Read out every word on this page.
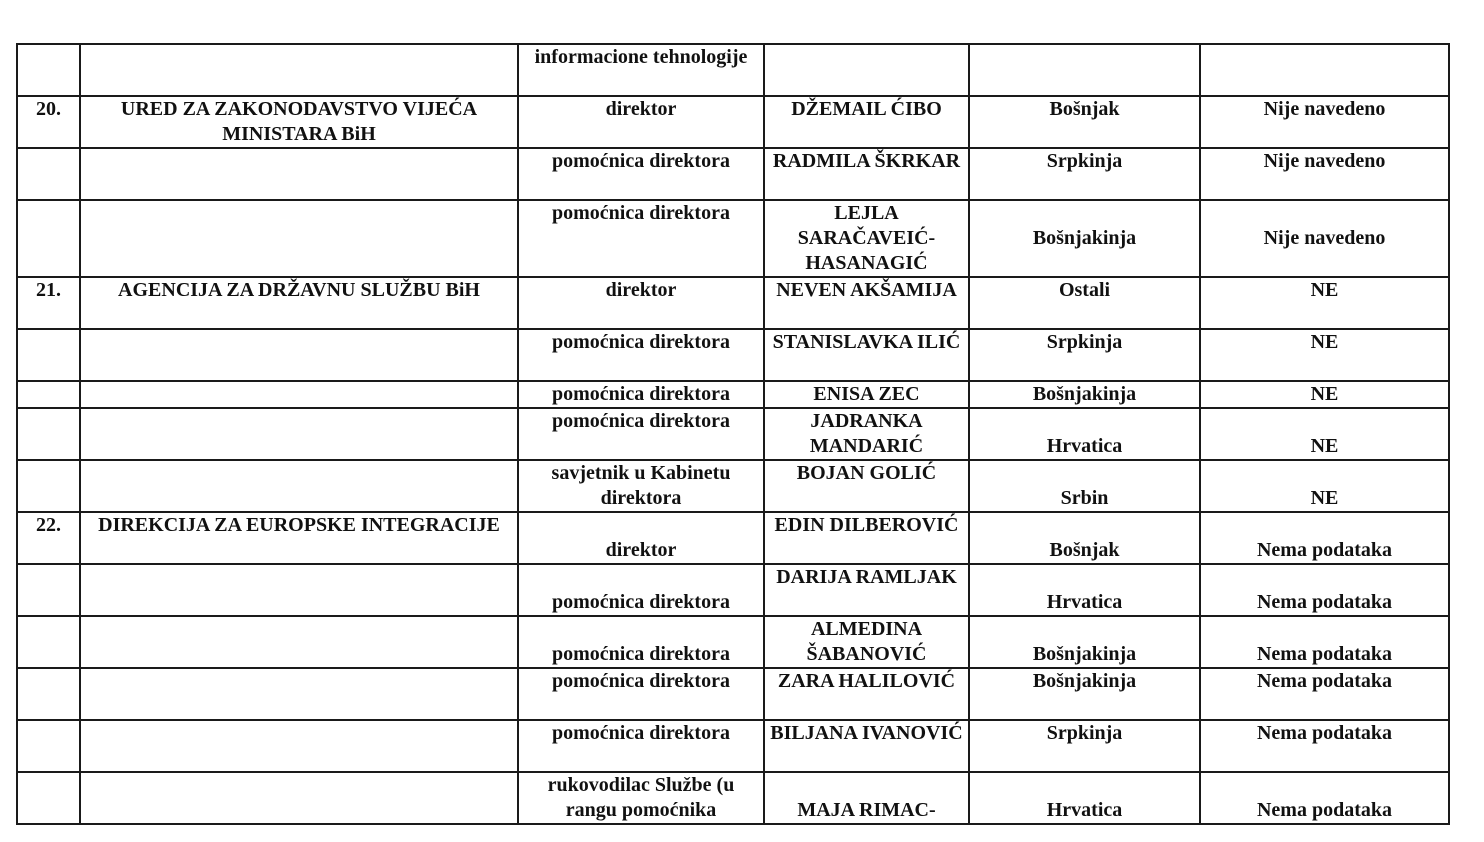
		informacione tehnologije			
20.	URED ZA ZAKONODAVSTVO VIJEĆA MINISTARA BiH	direktor	DŽEMAIL ĆIBO	Bošnjak	Nije navedeno
		pomoćnica direktora	RADMILA ŠKRKAR	Srpkinja	Nije navedeno
		pomoćnica direktora	LEJLA SARAČAVEIĆ-HASANAGIĆ	Bošnjakinja	Nije navedeno
21.	AGENCIJA ZA DRŽAVNU SLUŽBU BiH	direktor	NEVEN AKŠAMIJA	Ostali	NE
		pomoćnica direktora	STANISLAVKA ILIĆ	Srpkinja	NE
		pomoćnica direktora	ENISA ZEC	Bošnjakinja	NE
		pomoćnica direktora	JADRANKA MANDARIĆ	Hrvatica	NE
		savjetnik u Kabinetu direktora	BOJAN GOLIĆ	Srbin	NE
22.	DIREKCIJA ZA EUROPSKE INTEGRACIJE	direktor	EDIN DILBEROVIĆ	Bošnjak	Nema podataka
		pomoćnica direktora	DARIJA RAMLJAK	Hrvatica	Nema podataka
		pomoćnica direktora	ALMEDINA ŠABANOVIĆ	Bošnjakinja	Nema podataka
		pomoćnica direktora	ZARA HALILOVIĆ	Bošnjakinja	Nema podataka
		pomoćnica direktora	BILJANA IVANOVIĆ	Srpkinja	Nema podataka
		rukovodilac Službe (u rangu pomoćnika	MAJA RIMAC-	Hrvatica	Nema podataka
